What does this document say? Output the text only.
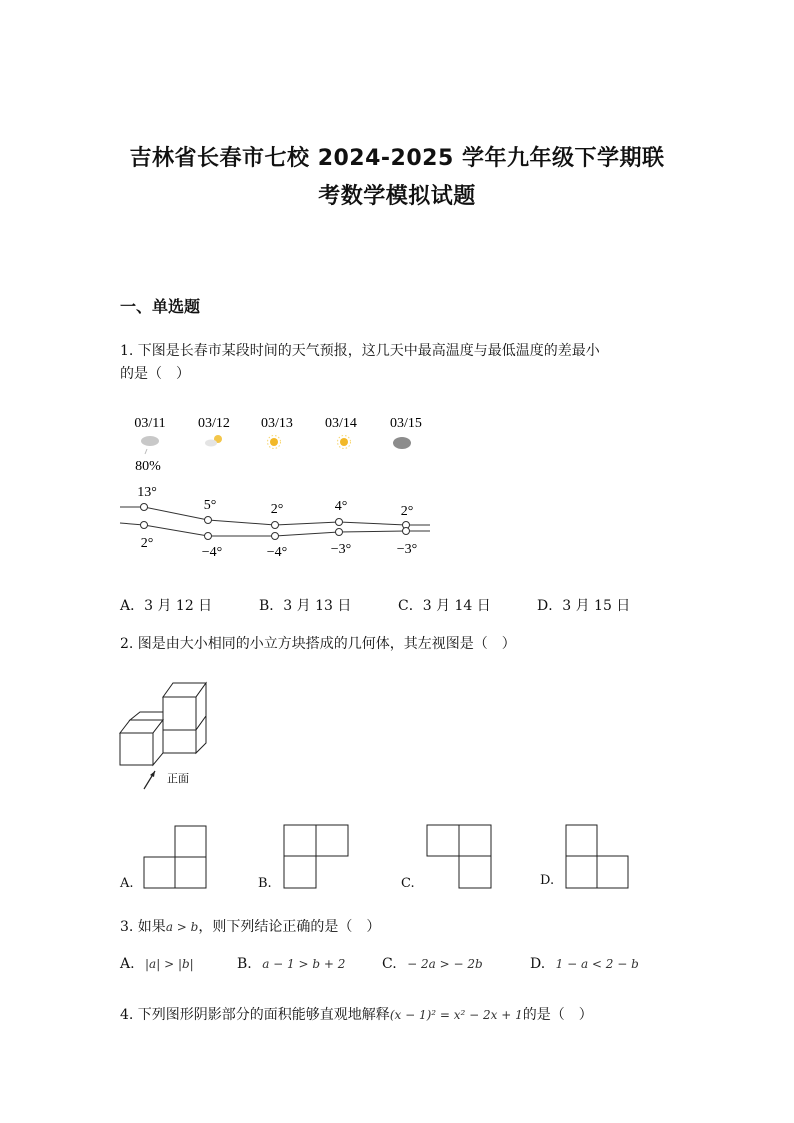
吉林省长春市七校 2024-2025 学年九年级下学期联
考数学模拟试题
一、单选题
1. 下图是长春市某段时间的天气预报，这几天中最高温度与最低温度的差最小
的是（　）
03/11 03/12 03/13 03/14 03/15
80%
13°
5°	2°	4°	2°
2°
−4°	−4°	−3°	−3°
A．3 月 12 日	B．3 月 13 日	C．3 月 14 日	D．3 月 15 日
2. 图是由大小相同的小立方块搭成的几何体，其左视图是（　）
正面
A.	B.	C.	D.
3. 如果a > b，则下列结论正确的是（　）
A. |a| > |b|	B. a − 1 > b + 2	C. − 2a > − 2b	D. 1 − a < 2 − b
4. 下列图形阴影部分的面积能够直观地解释(x − 1)² = x² − 2x + 1的是（　）
